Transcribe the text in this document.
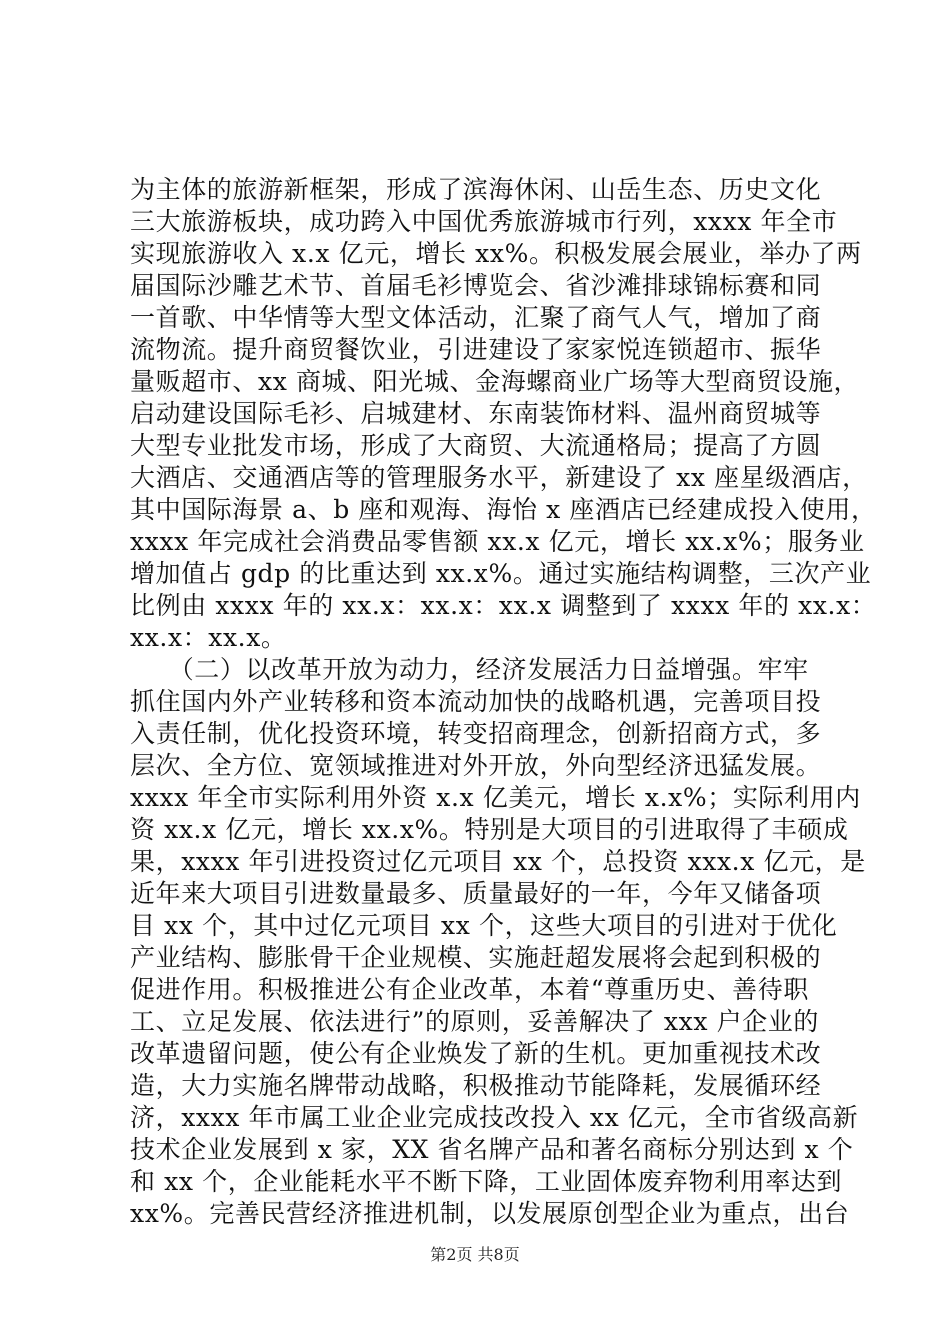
为主体的旅游新框架，形成了滨海休闲、山岳生态、历史文化
三大旅游板块，成功跨入中国优秀旅游城市行列，xxxx 年全市
实现旅游收入 x.x 亿元，增长 xx%。积极发展会展业，举办了两
届国际沙雕艺术节、首届毛衫博览会、省沙滩排球锦标赛和同
一首歌、中华情等大型文体活动，汇聚了商气人气，增加了商
流物流。提升商贸餐饮业，引进建设了家家悦连锁超市、振华
量贩超市、xx 商城、阳光城、金海螺商业广场等大型商贸设施，
启动建设国际毛衫、启城建材、东南装饰材料、温州商贸城等
大型专业批发市场，形成了大商贸、大流通格局；提高了方圆
大酒店、交通酒店等的管理服务水平，新建设了 xx 座星级酒店，
其中国际海景 a、b 座和观海、海怡 x 座酒店已经建成投入使用，
xxxx 年完成社会消费品零售额 xx.x 亿元，增长 xx.x%；服务业
增加值占 gdp 的比重达到 xx.x%。通过实施结构调整，三次产业
比例由 xxxx 年的 xx.x：xx.x：xx.x 调整到了 xxxx 年的 xx.x：
xx.x：xx.x。
　　（二）以改革开放为动力，经济发展活力日益增强。牢牢
抓住国内外产业转移和资本流动加快的战略机遇，完善项目投
入责任制，优化投资环境，转变招商理念，创新招商方式，多
层次、全方位、宽领域推进对外开放，外向型经济迅猛发展。
xxxx 年全市实际利用外资 x.x 亿美元，增长 x.x%；实际利用内
资 xx.x 亿元，增长 xx.x%。特别是大项目的引进取得了丰硕成
果，xxxx 年引进投资过亿元项目 xx 个，总投资 xxx.x 亿元，是
近年来大项目引进数量最多、质量最好的一年，今年又储备项
目 xx 个，其中过亿元项目 xx 个，这些大项目的引进对于优化
产业结构、膨胀骨干企业规模、实施赶超发展将会起到积极的
促进作用。积极推进公有企业改革，本着“尊重历史、善待职
工、立足发展、依法进行”的原则，妥善解决了 xxx 户企业的
改革遗留问题，使公有企业焕发了新的生机。更加重视技术改
造，大力实施名牌带动战略，积极推动节能降耗，发展循环经
济，xxxx 年市属工业企业完成技改投入 xx 亿元，全市省级高新
技术企业发展到 x 家，XX 省名牌产品和著名商标分别达到 x 个
和 xx 个，企业能耗水平不断下降，工业固体废弃物利用率达到
xx%。完善民营经济推进机制，以发展原创型企业为重点，出台
第2页 共8页
